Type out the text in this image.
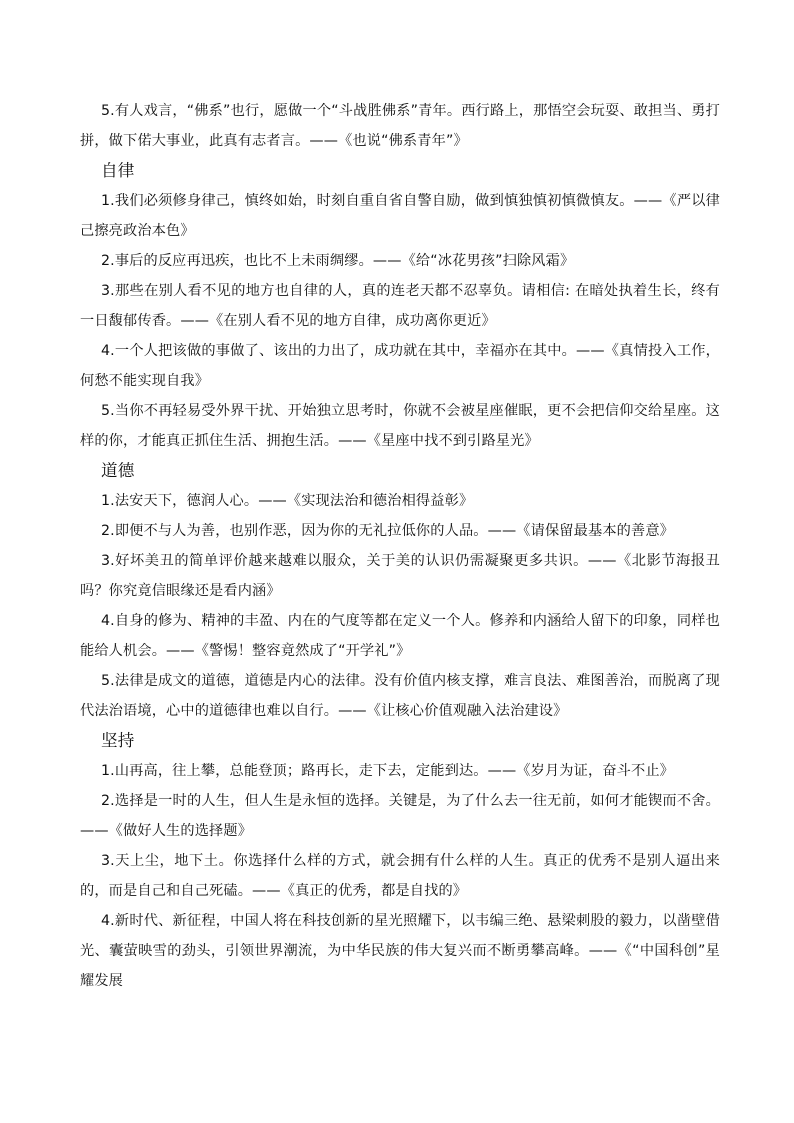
5.有人戏言，“佛系”也行，愿做一个“斗战胜佛系”青年。西行路上，那悟空会玩耍、敢担当、勇打拼，做下偌大事业，此真有志者言。——《也说“佛系青年”》

自律

1.我们必须修身律己，慎终如始，时刻自重自省自警自励，做到慎独慎初慎微慎友。——《严以律己擦亮政治本色》

2.事后的反应再迅疾，也比不上未雨绸缪。——《给“冰花男孩”扫除风霜》

3.那些在别人看不见的地方也自律的人，真的连老天都不忍辜负。请相信: 在暗处执着生长，终有一日馥郁传香。——《在别人看不见的地方自律，成功离你更近》

4.一个人把该做的事做了、该出的力出了，成功就在其中，幸福亦在其中。——《真情投入工作，何愁不能实现自我》

5.当你不再轻易受外界干扰、开始独立思考时，你就不会被星座催眠，更不会把信仰交给星座。这样的你，才能真正抓住生活、拥抱生活。——《星座中找不到引路星光》

道德

1.法安天下，德润人心。——《实现法治和德治相得益彰》

2.即便不与人为善，也别作恶，因为你的无礼拉低你的人品。——《请保留最基本的善意》

3.好坏美丑的简单评价越来越难以服众，关于美的认识仍需凝聚更多共识。——《北影节海报丑吗？你究竟信眼缘还是看内涵》

4.自身的修为、精神的丰盈、内在的气度等都在定义一个人。修养和内涵给人留下的印象，同样也能给人机会。——《警惕！整容竟然成了“开学礼”》

5.法律是成文的道德，道德是内心的法律。没有价值内核支撑，难言良法、难图善治，而脱离了现代法治语境，心中的道德律也难以自行。——《让核心价值观融入法治建设》

坚持

1.山再高，往上攀，总能登顶；路再长，走下去，定能到达。——《岁月为证，奋斗不止》

2.选择是一时的人生，但人生是永恒的选择。关键是，为了什么去一往无前，如何才能锲而不舍。——《做好人生的选择题》

3.天上尘，地下土。你选择什么样的方式，就会拥有什么样的人生。真正的优秀不是别人逼出来的，而是自己和自己死磕。——《真正的优秀，都是自找的》

4.新时代、新征程，中国人将在科技创新的星光照耀下，以韦编三绝、悬梁刺股的毅力，以凿壁借光、囊萤映雪的劲头，引领世界潮流，为中华民族的伟大复兴而不断勇攀高峰。——《“中国科创”星耀发展
